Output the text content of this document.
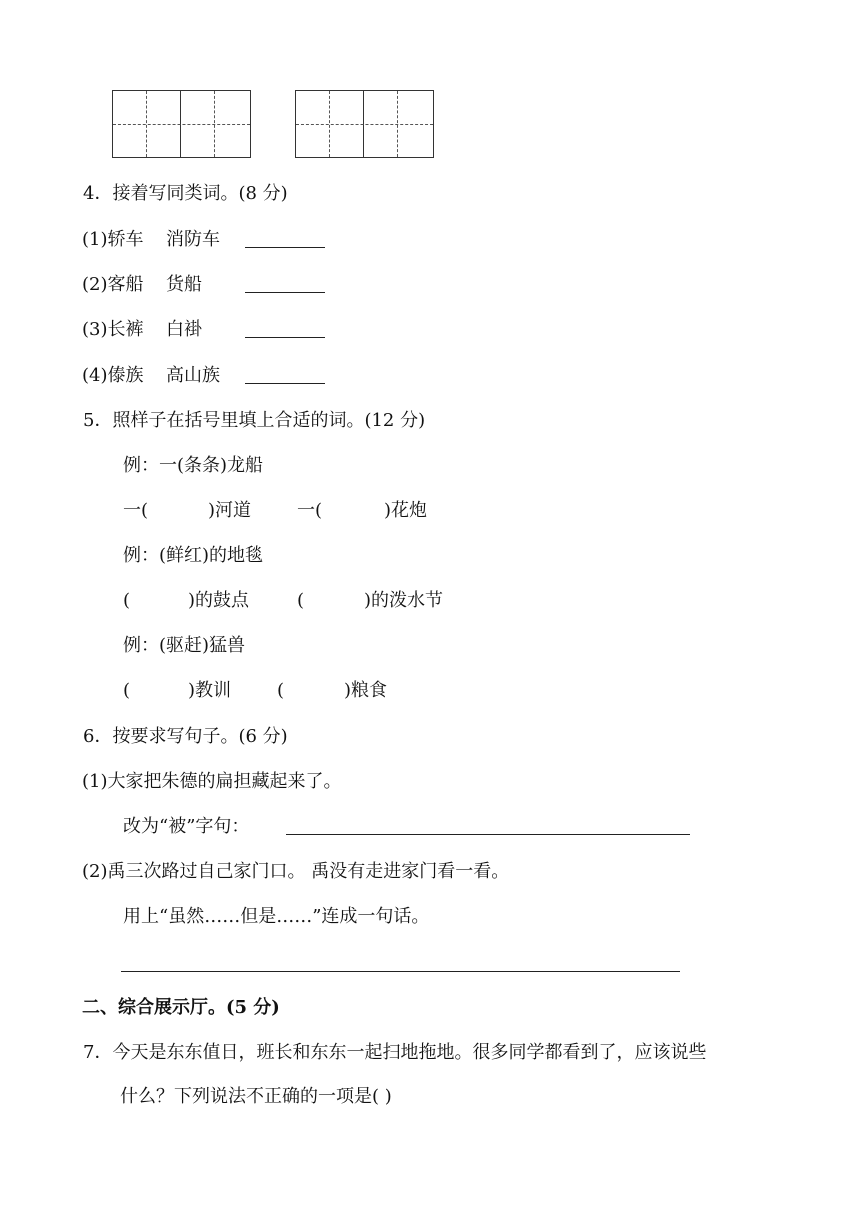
4．接着写同类词。(8 分)
(1)轿车 消防车
(2)客船 货船
(3)长裤 白褂
(4)傣族 高山族
5．照样子在括号里填上合适的词。(12 分)
例：一(条条)龙船
一(	)河道	一(	)花炮
例：(鲜红)的地毯
(	)的鼓点	(	)的泼水节
例：(驱赶)猛兽
(	)教训	(	)粮食
6．按要求写句子。(6 分)
(1)大家把朱德的扁担藏起来了。
改为“被”字句：
(2)禹三次路过自己家门口。 禹没有走进家门看一看。
用上“虽然……但是……”连成一句话。
二、综合展示厅。(5 分)
7．今天是东东值日，班长和东东一起扫地拖地。很多同学都看到了，应该说些
什么？下列说法不正确的一项是( )
